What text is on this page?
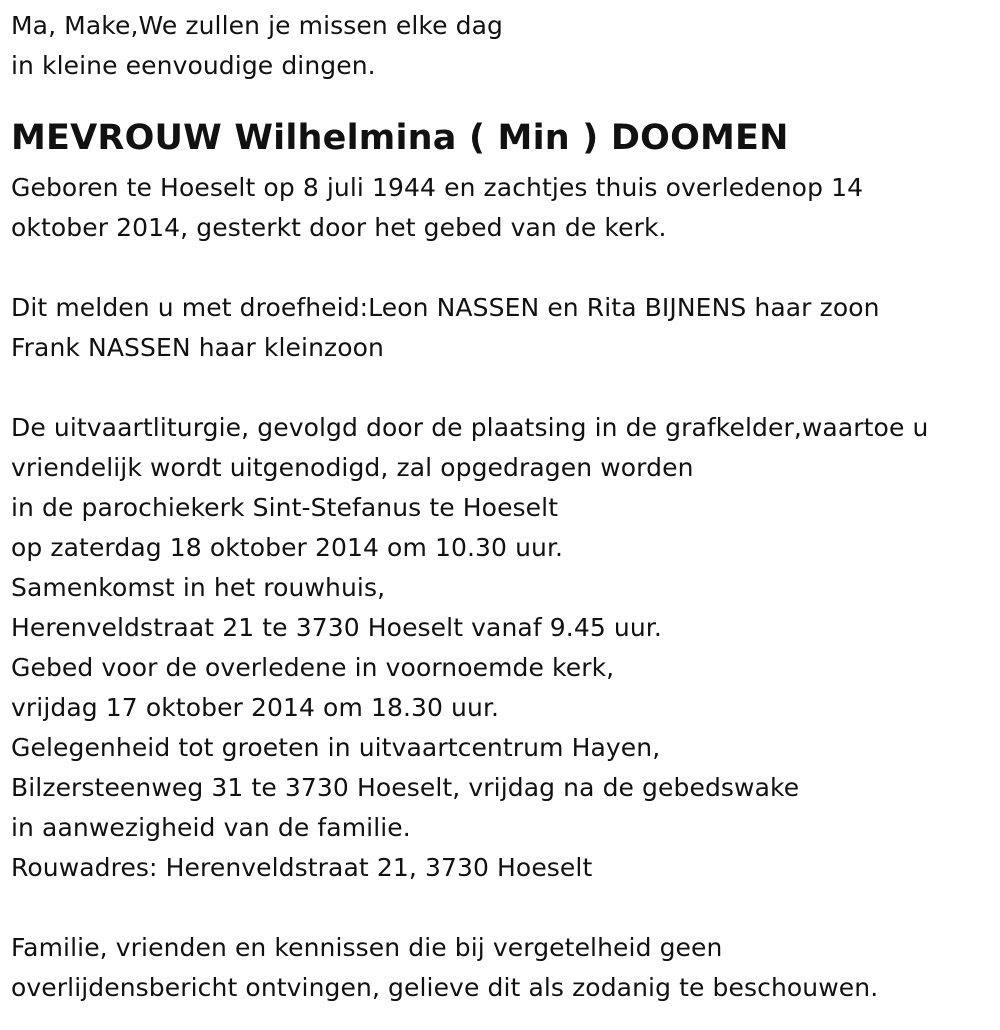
Ma, Make,We zullen je missen elke dag
in kleine eenvoudige dingen.
MEVROUW Wilhelmina ( Min ) DOOMEN
Geboren te Hoeselt op 8 juli 1944 en zachtjes thuis overledenop 14
oktober 2014, gesterkt door het gebed van de kerk.
Dit melden u met droefheid:Leon NASSEN en Rita BIJNENS haar zoon
Frank NASSEN haar kleinzoon
De uitvaartliturgie, gevolgd door de plaatsing in de grafkelder,waartoe u
vriendelijk wordt uitgenodigd, zal opgedragen worden
in de parochiekerk Sint-Stefanus te Hoeselt
op zaterdag 18 oktober 2014 om 10.30 uur.
Samenkomst in het rouwhuis,
Herenveldstraat 21 te 3730 Hoeselt vanaf 9.45 uur.
Gebed voor de overledene in voornoemde kerk,
vrijdag 17 oktober 2014 om 18.30 uur.
Gelegenheid tot groeten in uitvaartcentrum Hayen,
Bilzersteenweg 31 te 3730 Hoeselt, vrijdag na de gebedswake
in aanwezigheid van de familie.
Rouwadres: Herenveldstraat 21, 3730 Hoeselt
Familie, vrienden en kennissen die bij vergetelheid geen
overlijdensbericht ontvingen, gelieve dit als zodanig te beschouwen.
